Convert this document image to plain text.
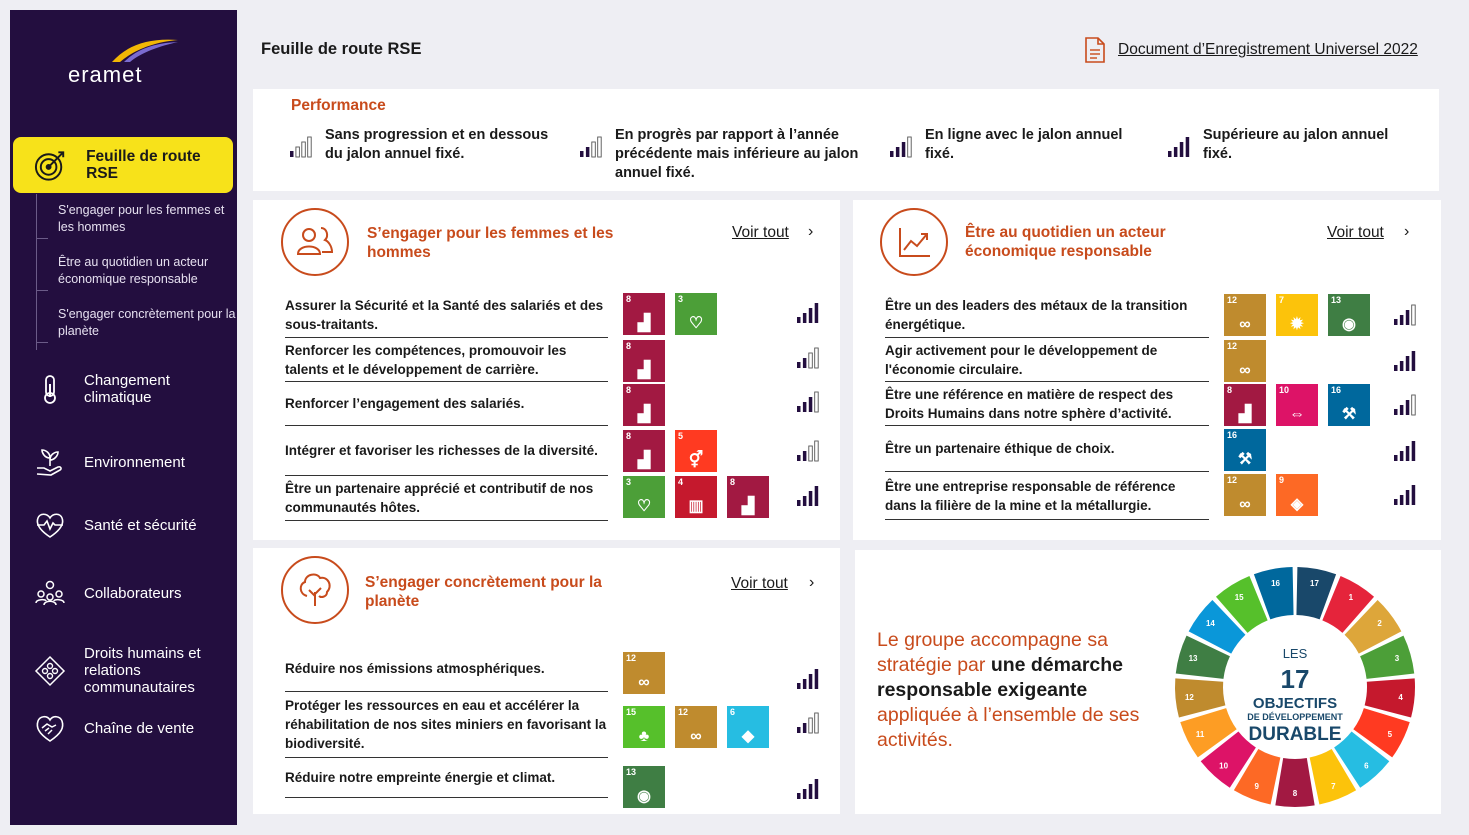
eramet
Feuille de route RSE
S'engager pour les femmes et les hommes
Être au quotidien un acteur économique responsable
S'engager concrètement pour la planète
Changement climatique
Environnement
Santé et sécurité
Collaborateurs
Droits humains et relations communautaires
Chaîne de vente
Feuille de route RSE	Document d’Enregistrement Universel 2022
Performance
Sans progression et en dessous du jalon annuel fixé.
En progrès par rapport à l’année précédente mais inférieure au jalon annuel fixé.
En ligne avec le jalon annuel fixé.
Supérieure au jalon annuel fixé.
S’engager pour les femmes et les hommes
Voir tout ›
Assurer la Sécurité et la Santé des salariés et des sous-traitants.
8
▟
3
♡
Renforcer les compétences, promouvoir les talents et le développement de carrière.
8
▟
Renforcer l’engagement des salariés.
8
▟
Intégrer et favoriser les richesses de la diversité.
8
▟
5
⚥
Être un partenaire apprécié et contributif de nos communautés hôtes.
3
♡
4
▥
8
▟
Être au quotidien un acteur économique responsable
Voir tout ›
Être un des leaders des métaux de la transition énergétique.
12
∞
7
✹
13
◉
Agir activement pour le développement de l'économie circulaire.
12
∞
Être une référence en matière de respect des Droits Humains dans notre sphère d’activité.
8
▟
10
⇔
16
⚒
Être un partenaire éthique de choix.
16
⚒
Être une entreprise responsable de référence dans la filière de la mine et la métallurgie.
12
∞
9
◈
S’engager concrètement pour la planète
Voir tout ›
Réduire nos émissions atmosphériques.
12
∞
Protéger les ressources en eau et accélérer la réhabilitation de nos sites miniers en favorisant la biodiversité.
15
♣
12
∞
6
◆
Réduire notre empreinte énergie et climat.	13
◉
Le groupe accompagne sa stratégie par une démarche responsable exigeante appliquée à l’ensemble de ses activités.
17
1
2
3
4
5
6
7
8
9
10
11
12
13
14
15
16
LES
17
OBJECTIFS
DE DÉVELOPPEMENT
DURABLE
